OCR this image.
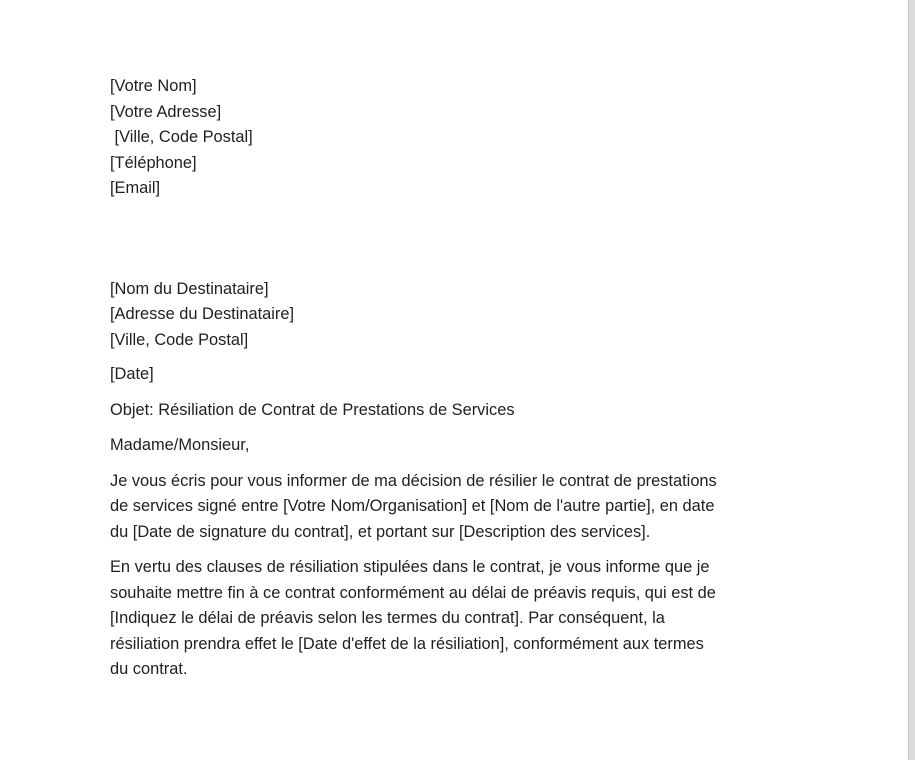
[Votre Nom]
[Votre Adresse]
[Ville, Code Postal]
[Téléphone]
[Email]
[Nom du Destinataire]
[Adresse du Destinataire]
[Ville, Code Postal]
[Date]
Objet: Résiliation de Contrat de Prestations de Services
Madame/Monsieur,
Je vous écris pour vous informer de ma décision de résilier le contrat de prestations
de services signé entre [Votre Nom/Organisation] et [Nom de l'autre partie], en date
du [Date de signature du contrat], et portant sur [Description des services].
En vertu des clauses de résiliation stipulées dans le contrat, je vous informe que je
souhaite mettre fin à ce contrat conformément au délai de préavis requis, qui est de
[Indiquez le délai de préavis selon les termes du contrat]. Par conséquent, la
résiliation prendra effet le [Date d'effet de la résiliation], conformément aux termes
du contrat.
